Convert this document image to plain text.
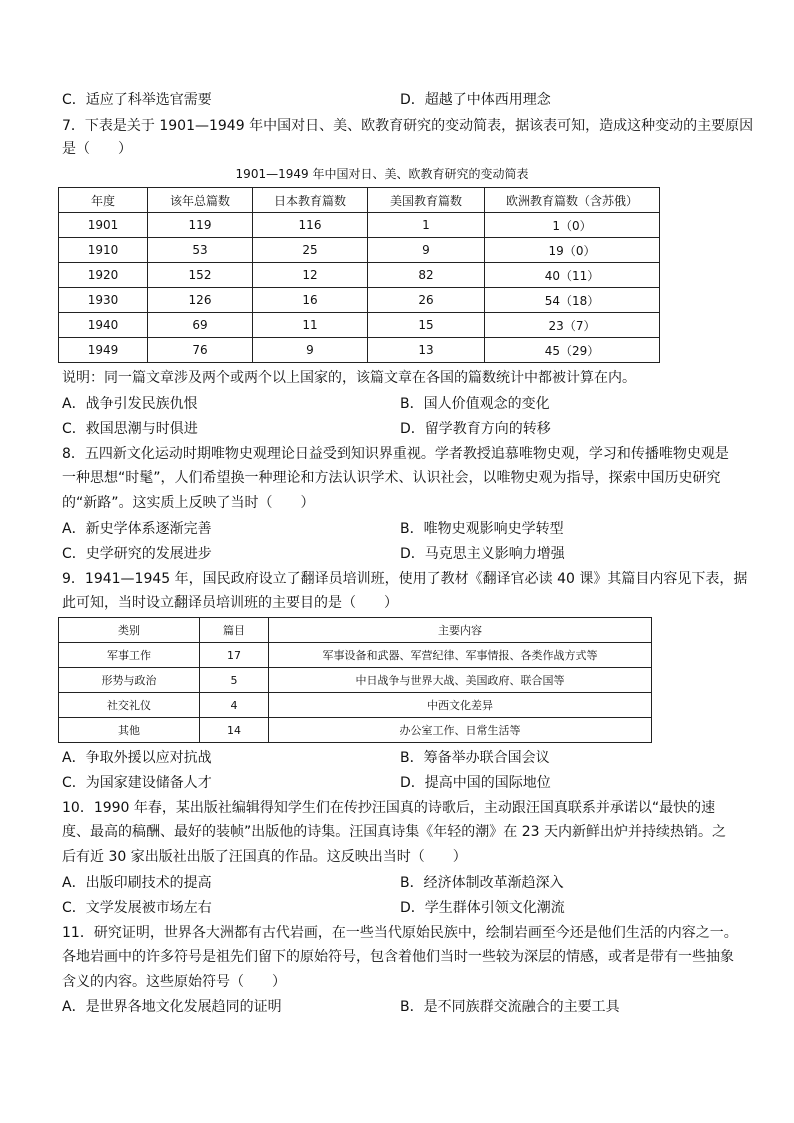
C．适应了科举选官需要	D．超越了中体西用理念
7．下表是关于 1901—1949 年中国对日、美、欧教育研究的变动简表，据该表可知，造成这种变动的主要原因
是（　　）
1901—1949 年中国对日、美、欧教育研究的变动简表
年度	该年总篇数	日本教育篇数	美国教育篇数	欧洲教育篇数（含苏俄）
1901	119	116	1	1（0）
1910	53	25	9	19（0）
1920	152	12	82	40（11）
1930	126	16	26	54（18）
1940	69	11	15	23（7）
1949	76	9	13	45（29）
说明：同一篇文章涉及两个或两个以上国家的，该篇文章在各国的篇数统计中都被计算在内。
A．战争引发民族仇恨	B．国人价值观念的变化
C．救国思潮与时俱进	D．留学教育方向的转移
8．五四新文化运动时期唯物史观理论日益受到知识界重视。学者教授追慕唯物史观，学习和传播唯物史观是
一种思想“时髦”，人们希望换一种理论和方法认识学术、认识社会，以唯物史观为指导，探索中国历史研究
的“新路”。这实质上反映了当时（　　）
A．新史学体系逐渐完善	B．唯物史观影响史学转型
C．史学研究的发展进步	D．马克思主义影响力增强
9．1941—1945 年，国民政府设立了翻译员培训班，使用了教材《翻译官必读 40 课》其篇目内容见下表，据
此可知，当时设立翻译员培训班的主要目的是（　　）
类别	篇目	主要内容
军事工作	17	军事设备和武器、军营纪律、军事情报、各类作战方式等
形势与政治	5	中日战争与世界大战、美国政府、联合国等
社交礼仪	4	中西文化差异
其他	14	办公室工作、日常生活等
A．争取外援以应对抗战	B．筹备举办联合国会议
C．为国家建设储备人才	D．提高中国的国际地位
10．1990 年春，某出版社编辑得知学生们在传抄汪国真的诗歌后，主动跟汪国真联系并承诺以“最快的速
度、最高的稿酬、最好的装帧”出版他的诗集。汪国真诗集《年轻的潮》在 23 天内新鲜出炉并持续热销。之
后有近 30 家出版社出版了汪国真的作品。这反映出当时（　　）
A．出版印刷技术的提高	B．经济体制改革渐趋深入
C．文学发展被市场左右	D．学生群体引领文化潮流
11．研究证明，世界各大洲都有古代岩画，在一些当代原始民族中，绘制岩画至今还是他们生活的内容之一。
各地岩画中的许多符号是祖先们留下的原始符号，包含着他们当时一些较为深层的情感，或者是带有一些抽象
含义的内容。这些原始符号（　　）
A．是世界各地文化发展趋同的证明	B．是不同族群交流融合的主要工具
